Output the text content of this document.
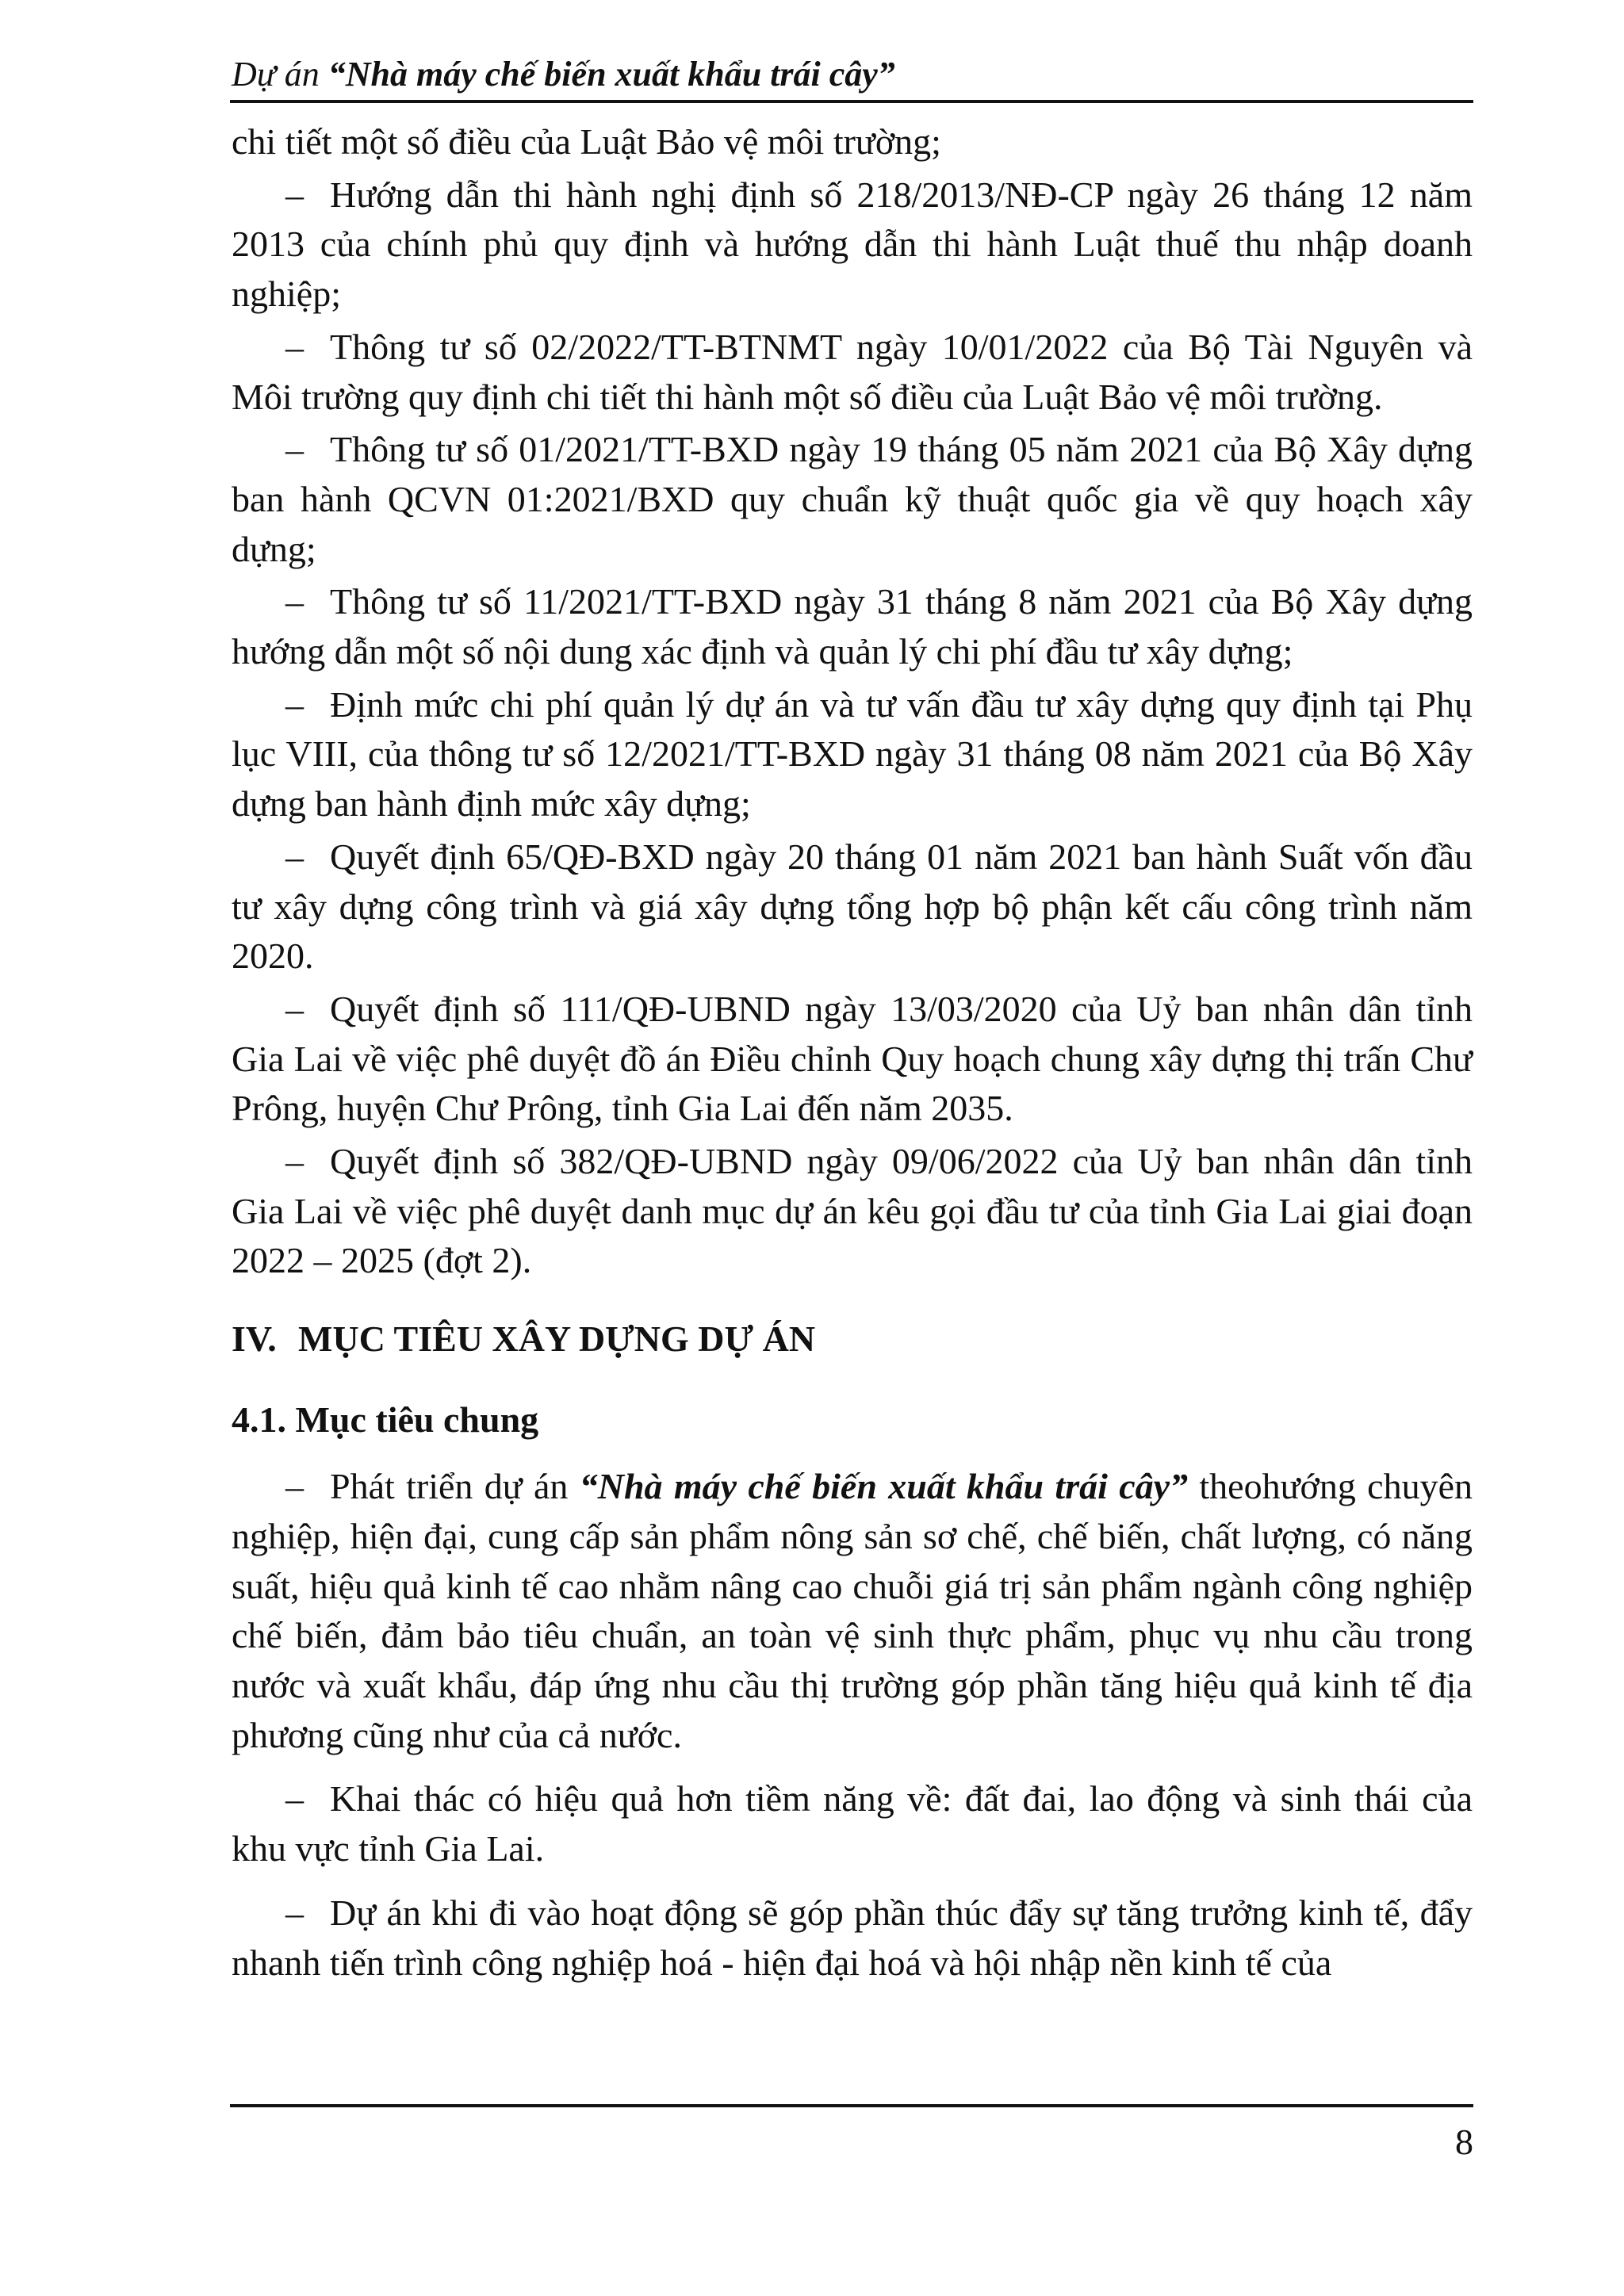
Dự án “Nhà máy chế biến xuất khẩu trái cây”

chi tiết một số điều của Luật Bảo vệ môi trường;

– Hướng dẫn thi hành nghị định số 218/2013/NĐ-CP ngày 26 tháng 12 năm 2013 của chính phủ quy định và hướng dẫn thi hành Luật thuế thu nhập doanh nghiệp;

– Thông tư số 02/2022/TT-BTNMT ngày 10/01/2022 của Bộ Tài Nguyên và Môi trường quy định chi tiết thi hành một số điều của Luật Bảo vệ môi trường.

– Thông tư số 01/2021/TT-BXD ngày 19 tháng 05 năm 2021 của Bộ Xây dựng ban hành QCVN 01:2021/BXD quy chuẩn kỹ thuật quốc gia về quy hoạch xây dựng;

– Thông tư số 11/2021/TT-BXD ngày 31 tháng 8 năm 2021 của Bộ Xây dựng hướng dẫn một số nội dung xác định và quản lý chi phí đầu tư xây dựng;

– Định mức chi phí quản lý dự án và tư vấn đầu tư xây dựng quy định tại Phụ lục VIII, của thông tư số 12/2021/TT-BXD ngày 31 tháng 08 năm 2021 của Bộ Xây dựng ban hành định mức xây dựng;

– Quyết định 65/QĐ-BXD ngày 20 tháng 01 năm 2021 ban hành Suất vốn đầu tư xây dựng công trình và giá xây dựng tổng hợp bộ phận kết cấu công trình năm 2020.

– Quyết định số 111/QĐ-UBND ngày 13/03/2020 của Uỷ ban nhân dân tỉnh Gia Lai về việc phê duyệt đồ án Điều chỉnh Quy hoạch chung xây dựng thị trấn Chư Prông, huyện Chư Prông, tỉnh Gia Lai đến năm 2035.

– Quyết định số 382/QĐ-UBND ngày 09/06/2022 của Uỷ ban nhân dân tỉnh Gia Lai về việc phê duyệt danh mục dự án kêu gọi đầu tư của tỉnh Gia Lai giai đoạn 2022 – 2025 (đợt 2).

IV. MỤC TIÊU XÂY DỰNG DỰ ÁN

4.1. Mục tiêu chung

– Phát triển dự án “Nhà máy chế biến xuất khẩu trái cây” theohướng chuyên nghiệp, hiện đại, cung cấp sản phẩm nông sản sơ chế, chế biến, chất lượng, có năng suất, hiệu quả kinh tế cao nhằm nâng cao chuỗi giá trị sản phẩm ngành công nghiệp chế biến, đảm bảo tiêu chuẩn, an toàn vệ sinh thực phẩm, phục vụ nhu cầu trong nước và xuất khẩu, đáp ứng nhu cầu thị trường góp phần tăng hiệu quả kinh tế địa phương cũng như của cả nước.

– Khai thác có hiệu quả hơn tiềm năng về: đất đai, lao động và sinh thái của khu vực tỉnh Gia Lai.

– Dự án khi đi vào hoạt động sẽ góp phần thúc đẩy sự tăng trưởng kinh tế, đẩy nhanh tiến trình công nghiệp hoá - hiện đại hoá và hội nhập nền kinh tế của

8
